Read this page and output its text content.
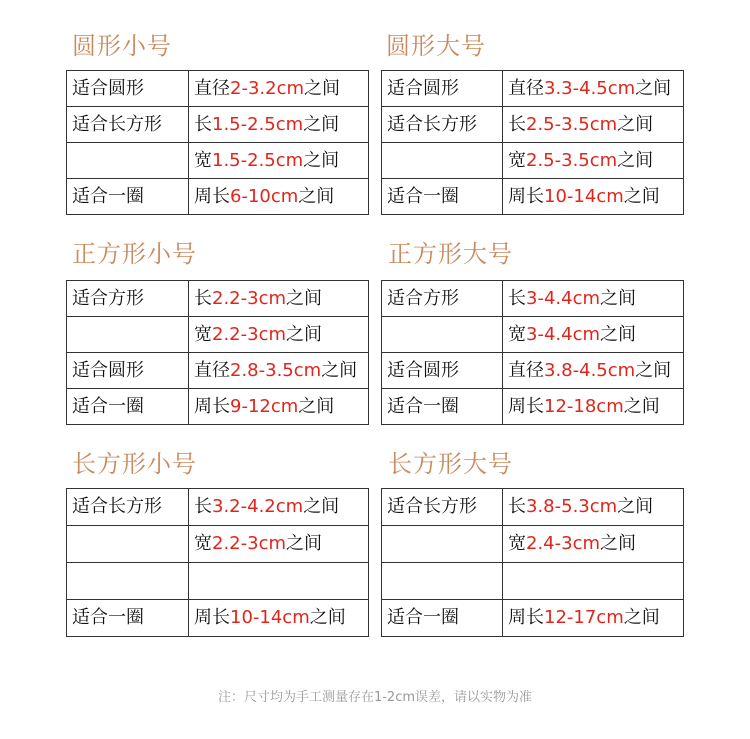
圆形小号
适合圆形	直径2-3.2cm之间
适合长方形	长1.5-2.5cm之间
	宽1.5-2.5cm之间
适合一圈	周长6-10cm之间
圆形大号
适合圆形	直径3.3-4.5cm之间
适合长方形	长2.5-3.5cm之间
	宽2.5-3.5cm之间
适合一圈	周长10-14cm之间
正方形小号
适合方形	长2.2-3cm之间
	宽2.2-3cm之间
适合圆形	直径2.8-3.5cm之间
适合一圈	周长9-12cm之间
正方形大号
适合方形	长3-4.4cm之间
	宽3-4.4cm之间
适合圆形	直径3.8-4.5cm之间
适合一圈	周长12-18cm之间
长方形小号
适合长方形	长3.2-4.2cm之间
	宽2.2-3cm之间

适合一圈	周长10-14cm之间
长方形大号
适合长方形	长3.8-5.3cm之间
	宽2.4-3cm之间

适合一圈	周长12-17cm之间
注：尺寸均为手工测量存在1-2cm误差，请以实物为准
